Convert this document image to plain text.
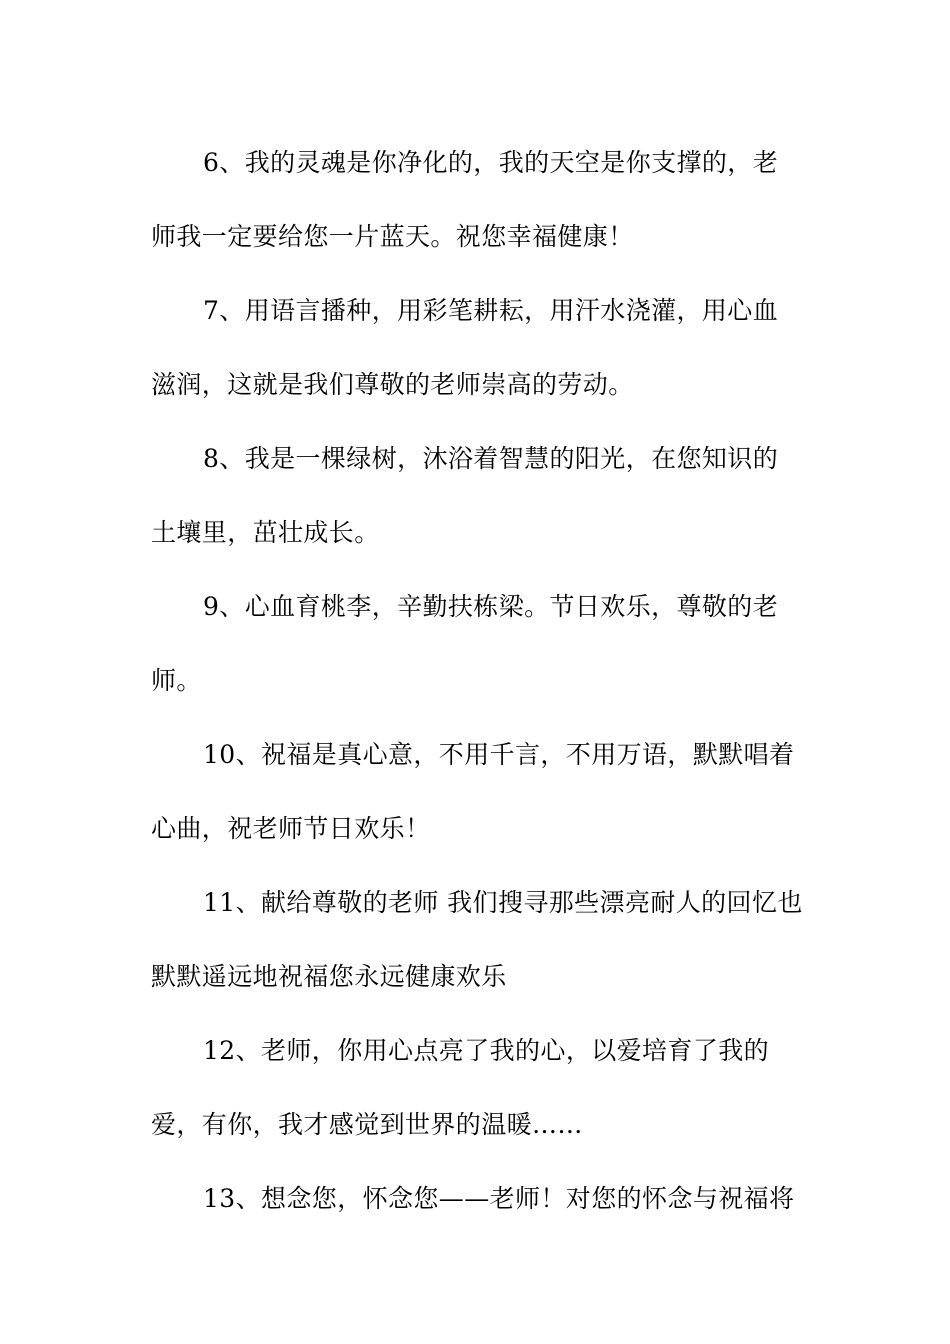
6、我的灵魂是你净化的，我的天空是你支撑的，老师我一定要给您一片蓝天。祝您幸福健康！

7、用语言播种，用彩笔耕耘，用汗水浇灌，用心血滋润，这就是我们尊敬的老师崇高的劳动。

8、我是一棵绿树，沐浴着智慧的阳光，在您知识的土壤里，茁壮成长。

9、心血育桃李，辛勤扶栋梁。节日欢乐，尊敬的老师。

10、祝福是真心意，不用千言，不用万语，默默唱着心曲，祝老师节日欢乐！

11、献给尊敬的老师 我们搜寻那些漂亮耐人的回忆也默默遥远地祝福您永远健康欢乐

12、老师，你用心点亮了我的心，以爱培育了我的爱，有你，我才感觉到世界的温暖……

13、想念您，怀念您——老师！对您的怀念与祝福将
